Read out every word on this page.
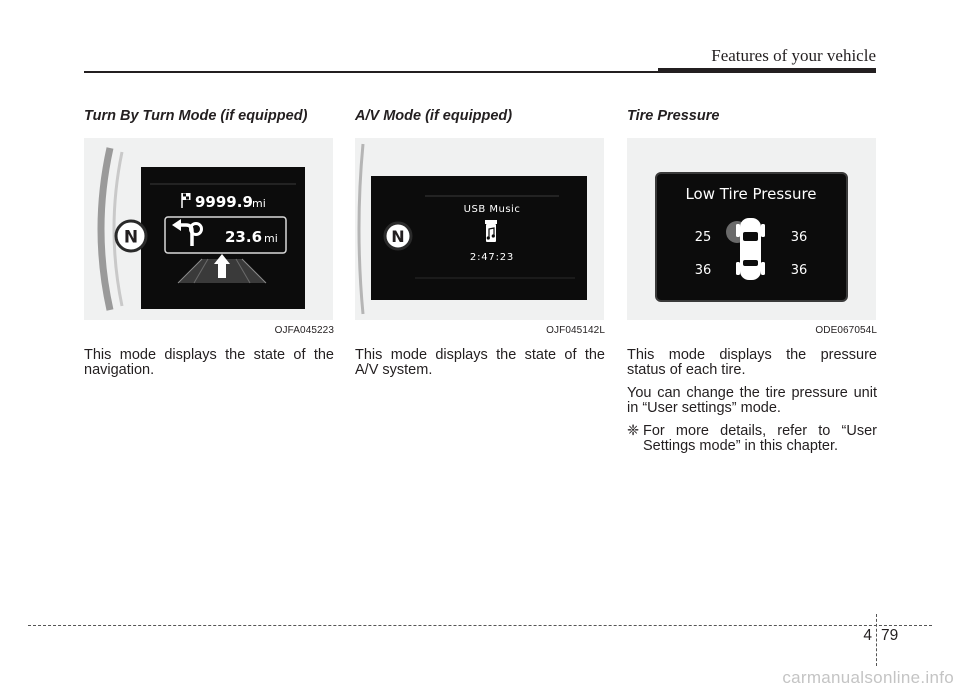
Features of your vehicle
Turn By Turn Mode (if equipped)
9999.9 mi
23.6 mi
N
OJFA045223

This mode displays the state of the navigation.

A/V Mode (if equipped)
N
USB Music
2:47:23
OJF045142L

This mode displays the state of the A/V system.

Tire Pressure
Low Tire Pressure
25	36
36	36
ODE067054L

This mode displays the pressure status of each tire.

You can change the tire pressure unit in “User settings” mode.

❈ For more details, refer to “User Settings mode” in this chapter.
4 79
carmanualsonline.info
